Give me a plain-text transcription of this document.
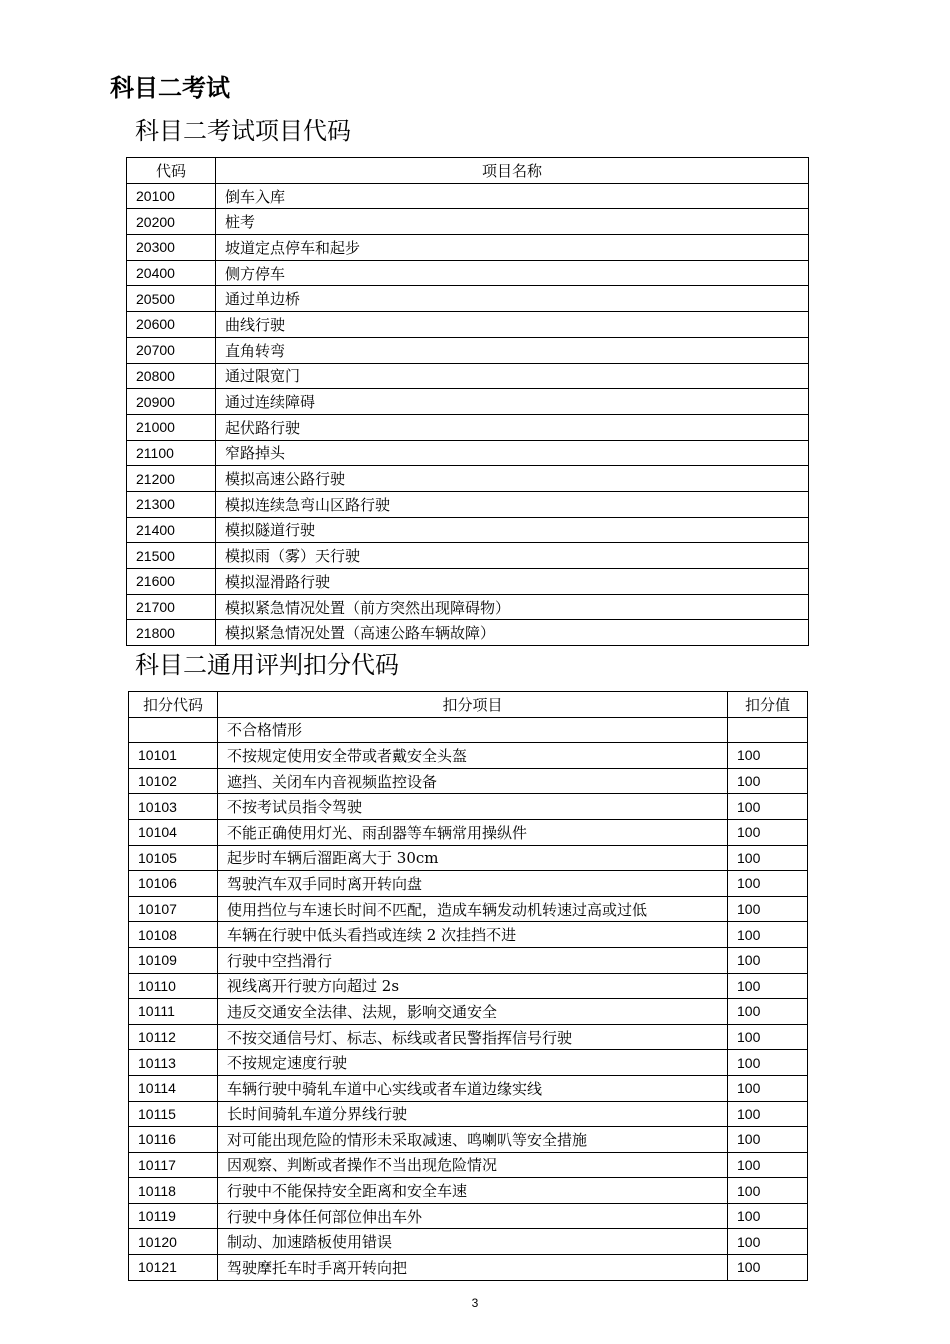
科目二考试
科目二考试项目代码
代码	项目名称
20100	倒车入库
20200	桩考
20300	坡道定点停车和起步
20400	侧方停车
20500	通过单边桥
20600	曲线行驶
20700	直角转弯
20800	通过限宽门
20900	通过连续障碍
21000	起伏路行驶
21100	窄路掉头
21200	模拟高速公路行驶
21300	模拟连续急弯山区路行驶
21400	模拟隧道行驶
21500	模拟雨（雾）天行驶
21600	模拟湿滑路行驶
21700	模拟紧急情况处置（前方突然出现障碍物）
21800	模拟紧急情况处置（高速公路车辆故障）
科目二通用评判扣分代码
扣分代码	扣分项目	扣分值
	不合格情形	
10101	不按规定使用安全带或者戴安全头盔	100
10102	遮挡、关闭车内音视频监控设备	100
10103	不按考试员指令驾驶	100
10104	不能正确使用灯光、雨刮器等车辆常用操纵件	100
10105	起步时车辆后溜距离大于 30cm	100
10106	驾驶汽车双手同时离开转向盘	100
10107	使用挡位与车速长时间不匹配，造成车辆发动机转速过高或过低	100
10108	车辆在行驶中低头看挡或连续 2 次挂挡不进	100
10109	行驶中空挡滑行	100
10110	视线离开行驶方向超过 2s	100
10111	违反交通安全法律、法规，影响交通安全	100
10112	不按交通信号灯、标志、标线或者民警指挥信号行驶	100
10113	不按规定速度行驶	100
10114	车辆行驶中骑轧车道中心实线或者车道边缘实线	100
10115	长时间骑轧车道分界线行驶	100
10116	对可能出现危险的情形未采取减速、鸣喇叭等安全措施	100
10117	因观察、判断或者操作不当出现危险情况	100
10118	行驶中不能保持安全距离和安全车速	100
10119	行驶中身体任何部位伸出车外	100
10120	制动、加速踏板使用错误	100
10121	驾驶摩托车时手离开转向把	100
3
